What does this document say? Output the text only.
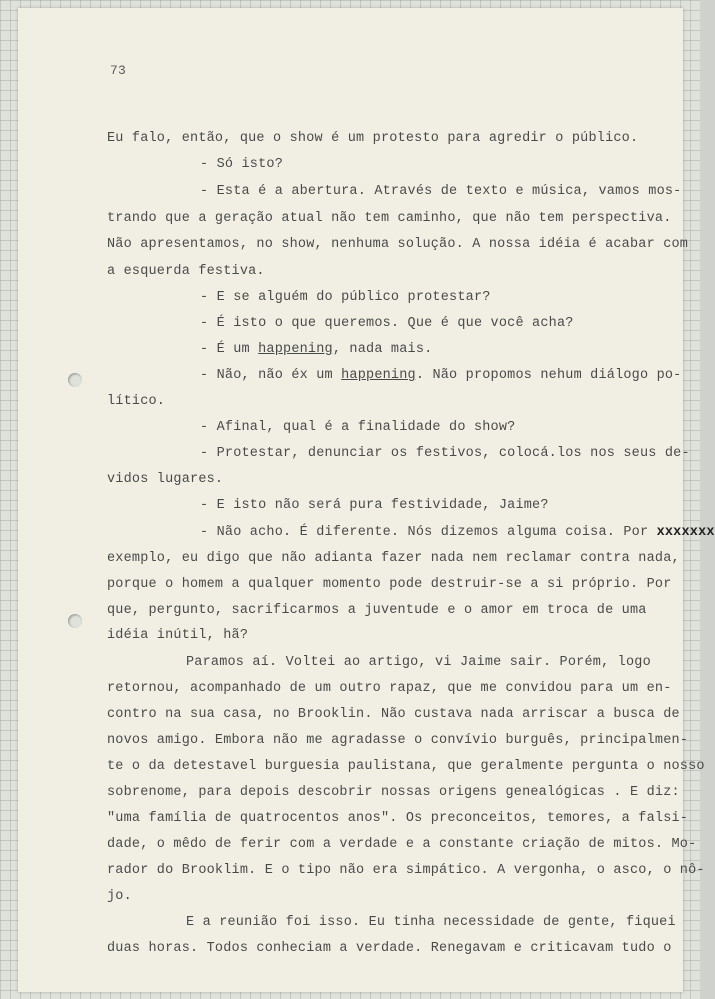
73
Eu falo, então, que o show é um protesto para agredir o público.
- Só isto?
- Esta é a abertura. Através de texto e música, vamos mos-
trando que a geração atual não tem caminho, que não tem perspectiva.
Não apresentamos, no show, nenhuma solução. A nossa idéia é acabar com
a esquerda festiva.
- E se alguém do público protestar?
- É isto o que queremos. Que é que você acha?
- É um happening, nada mais.
- Não, não éx um happening. Não propomos nehum diálogo po-
lítico.
- Afinal, qual é a finalidade do show?
- Protestar, denunciar os festivos, colocá.los nos seus de-
vidos lugares.
- E isto não será pura festividade, Jaime?
- Não acho. É diferente. Nós dizemos alguma coisa. Por xxxxxxx
exemplo, eu digo que não adianta fazer nada nem reclamar contra nada,
porque o homem a qualquer momento pode destruir-se a si próprio. Por
que, pergunto, sacrificarmos a juventude e o amor em troca de uma
idéia inútil, hã?
Paramos aí. Voltei ao artigo, vi Jaime sair. Porém, logo
retornou, acompanhado de um outro rapaz, que me convidou para um en-
contro na sua casa, no Brooklin. Não custava nada arriscar a busca de
novos amigo. Embora não me agradasse o convívio burguês, principalmen-
te o da detestavel burguesia paulistana, que geralmente pergunta o nosso
sobrenome, para depois descobrir nossas origens genealógicas . E diz:
"uma família de quatrocentos anos". Os preconceitos, temores, a falsi-
dade, o mêdo de ferir com a verdade e a constante criação de mitos. Mo-
rador do Brooklim. E o tipo não era simpático. A vergonha, o asco, o nô-
jo.
E a reunião foi isso. Eu tinha necessidade de gente, fiquei
duas horas. Todos conheciam a verdade. Renegavam e criticavam tudo o
